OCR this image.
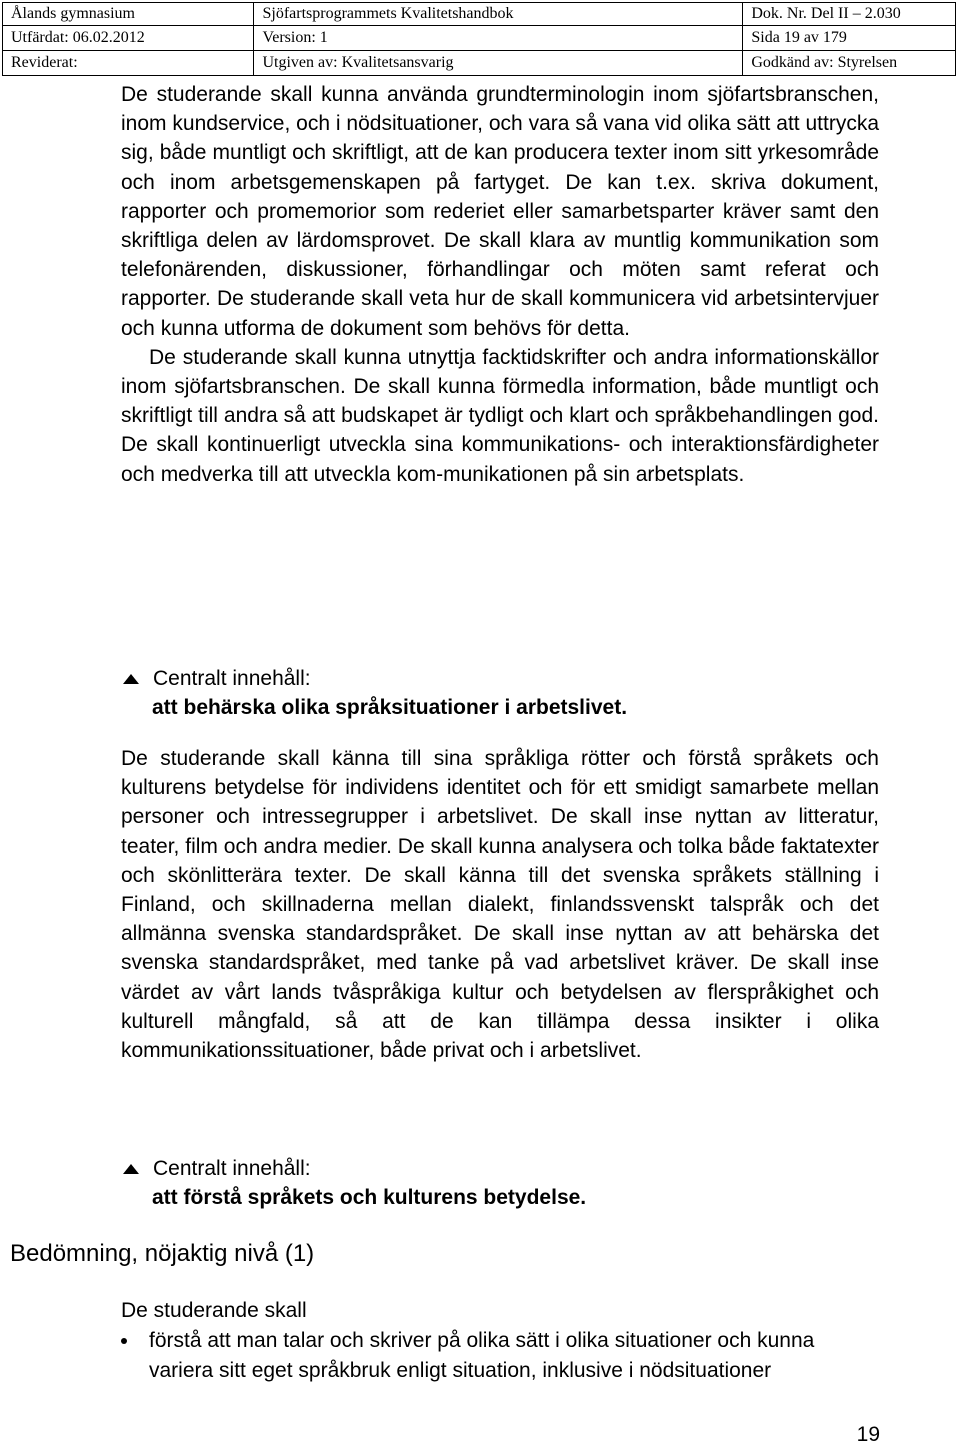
Ålands gymnasium	Sjöfartsprogrammets Kvalitetshandbok	Dok. Nr. Del II – 2.030
Utfärdat: 06.02.2012	Version: 1	Sida 19 av 179
Reviderat:	Utgiven av: Kvalitetsansvarig	Godkänd av: Styrelsen

De studerande skall kunna använda grundterminologin inom sjöfartsbranschen, inom kundservice, och i nödsituationer, och vara så vana vid olika sätt att uttrycka sig, både muntligt och skriftligt, att de kan producera texter inom sitt yrkesområde och inom arbetsgemenskapen på fartyget. De kan t.ex. skriva dokument, rapporter och promemorior som rederiet eller samarbetsparter kräver samt den skriftliga delen av lärdomsprovet. De skall klara av muntlig kommunikation som telefonärenden, diskussioner, förhandlingar och möten samt referat och rapporter. De studerande skall veta hur de skall kommunicera vid arbetsintervjuer och kunna utforma de dokument som behövs för detta.

De studerande skall kunna utnyttja facktidskrifter och andra informationskällor inom sjöfartsbranschen. De skall kunna förmedla information, både muntligt och skriftligt till andra så att budskapet är tydligt och klart och språkbehandlingen god. De skall kontinuerligt utveckla sina kommunikations- och interaktionsfärdigheter och medverka till att utveckla kom-munikationen på sin arbetsplats.

Centralt innehåll:
att behärska olika språksituationer i arbetslivet.

De studerande skall känna till sina språkliga rötter och förstå språkets och kulturens betydelse för individens identitet och för ett smidigt samarbete mellan personer och intressegrupper i arbetslivet. De skall inse nyttan av litteratur, teater, film och andra medier. De skall kunna analysera och tolka både faktatexter och skönlitterära texter. De skall känna till det svenska språkets ställning i Finland, och skillnaderna mellan dialekt, finlandssvenskt talspråk och det allmänna svenska standardspråket. De skall inse nyttan av att behärska det svenska standardspråket, med tanke på vad arbetslivet kräver. De skall inse värdet av vårt lands tvåspråkiga kultur och betydelsen av flerspråkighet och kulturell mångfald, så att de kan tillämpa dessa insikter i olika kommunikationssituationer, både privat och i arbetslivet.

Centralt innehåll:
att förstå språkets och kulturens betydelse.
Bedömning, nöjaktig nivå (1)
De studerande skall
förstå att man talar och skriver på olika sätt i olika situationer och kunna variera sitt eget språkbruk enligt situation, inklusive i nödsituationer
19
